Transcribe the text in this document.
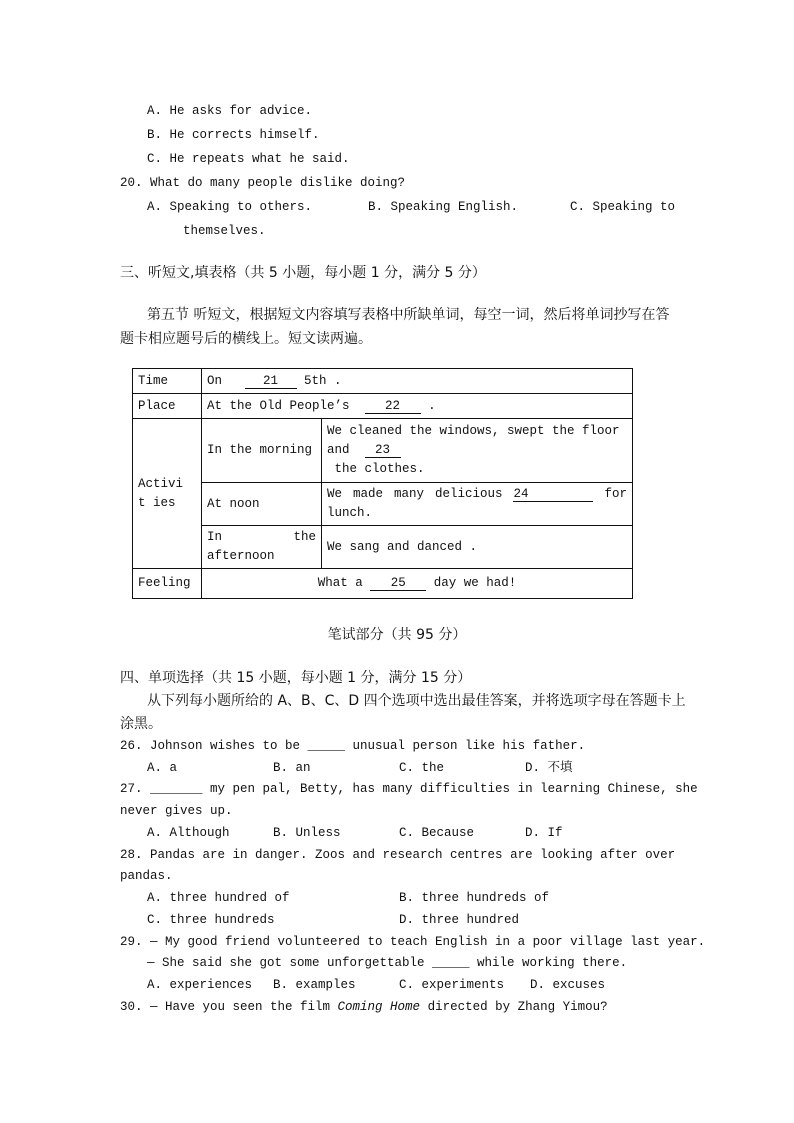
A. He asks for advice.
B. He corrects himself.
C. He repeats what he said.
20. What do many people dislike doing?
A. Speaking to others.	B. Speaking English.	C. Speaking to
themselves.
三、听短文,填表格（共 5 小题，每小题 1 分，满分 5 分）
第五节 听短文，根据短文内容填写表格中所缺单词，每空一词，然后将单词抄写在答
题卡相应题号后的横线上。短文读两遍。
Time	On 21 5th .	
Place	At the Old People’s 22 .	

Activit ies	In the morning	We cleaned the windows, swept the floor
and 23
the clothes.

	At noon	We made many delicious 24 for
lunch.

	In the
afternoon	We sang and danced .
Feeling	What a 25 day we had!	
笔试部分（共 95 分）
四、单项选择（共 15 小题，每小题 1 分，满分 15 分）
从下列每小题所给的 A、B、C、D 四个选项中选出最佳答案，并将选项字母在答题卡上
涂黑。
26. Johnson wishes to be _____ unusual person like his father.
A. a	B. an	C. the	D. 不填
27. _______ my pen pal, Betty, has many difficulties in learning Chinese, she
never gives up.
A. Although	B. Unless	C. Because	D. If
28. Pandas are in danger. Zoos and research centres are looking after over
pandas.
A. three hundred of	B. three hundreds of
C. three hundreds	D. three hundred
29. — My good friend volunteered to teach English in a poor village last year.
— She said she got some unforgettable _____ while working there.
A. experiences B. examples	C. experiments D. excuses
30. — Have you seen the film Coming Home directed by Zhang Yimou?
